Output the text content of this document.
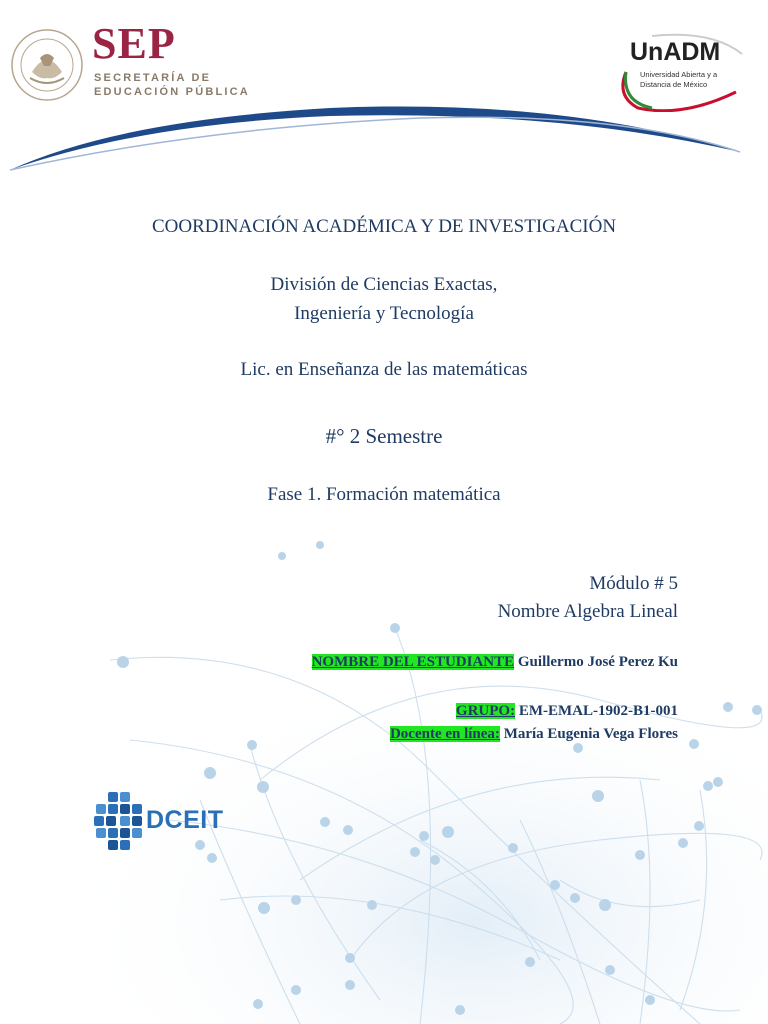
SEP
SECRETARÍA DE
EDUCACIÓN PÚBLICA
UnADM
Universidad Abierta y a
Distancia de México
COORDINACIÓN ACADÉMICA Y DE INVESTIGACIÓN
División de Ciencias Exactas,
Ingeniería y Tecnología
Lic. en Enseñanza de las matemáticas
#° 2 Semestre
Fase 1. Formación matemática
Módulo # 5
Nombre Algebra Lineal
NOMBRE DEL ESTUDIANTE Guillermo José Perez Ku
GRUPO: EM-EMAL-1902-B1-001
Docente en línea: María Eugenia Vega Flores
DCEIT
